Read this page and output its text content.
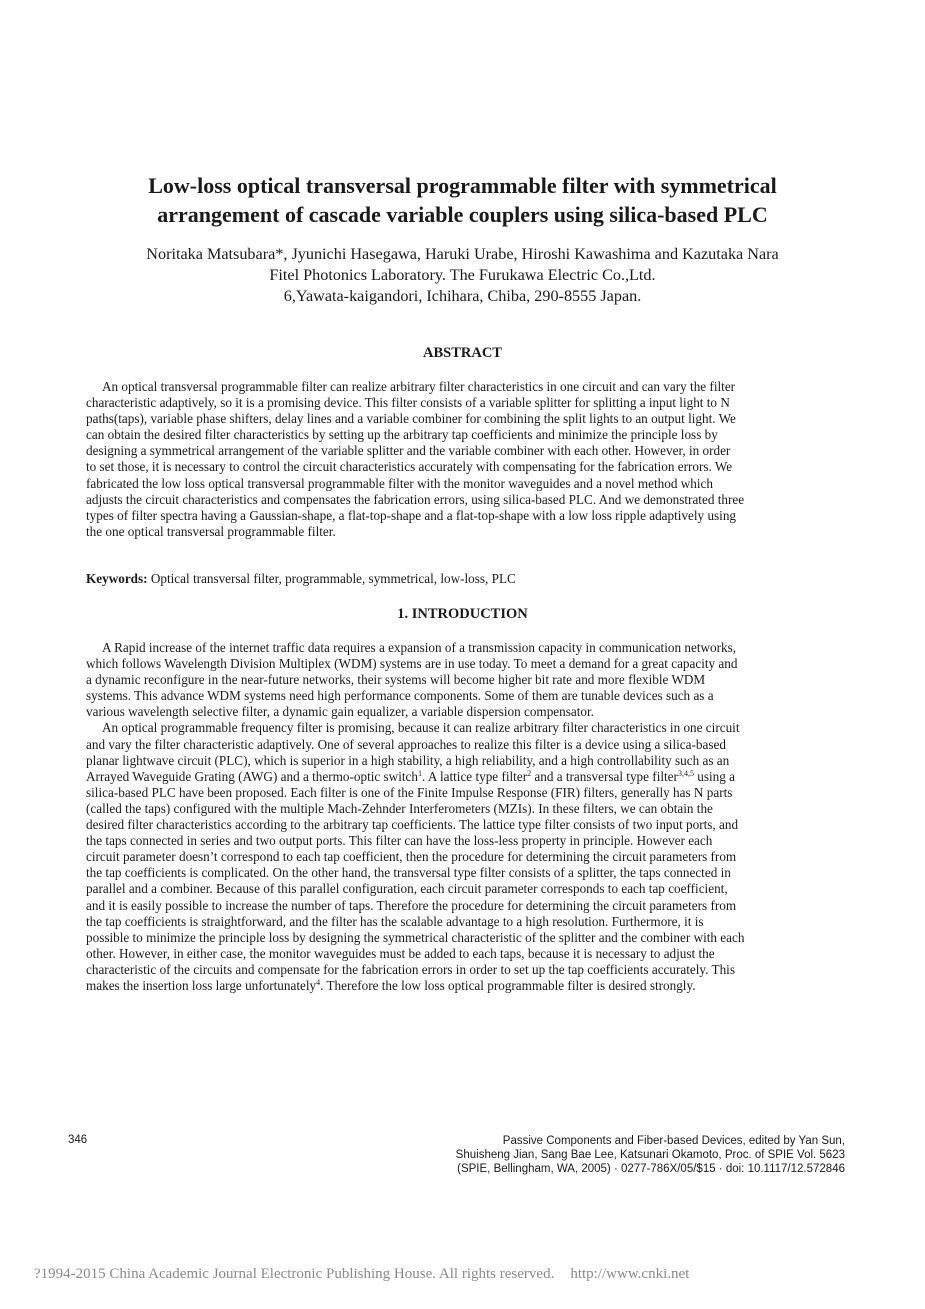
Low-loss optical transversal programmable filter with symmetrical
arrangement of cascade variable couplers using silica-based PLC
Noritaka Matsubara*, Jyunichi Hasegawa, Haruki Urabe, Hiroshi Kawashima and Kazutaka Nara
Fitel Photonics Laboratory. The Furukawa Electric Co.,Ltd.
6,Yawata-kaigandori, Ichihara, Chiba, 290-8555 Japan.
ABSTRACT
An optical transversal programmable filter can realize arbitrary filter characteristics in one circuit and can vary the filter
characteristic adaptively, so it is a promising device. This filter consists of a variable splitter for splitting a input light to N
paths(taps), variable phase shifters, delay lines and a variable combiner for combining the split lights to an output light. We
can obtain the desired filter characteristics by setting up the arbitrary tap coefficients and minimize the principle loss by
designing a symmetrical arrangement of the variable splitter and the variable combiner with each other. However, in order
to set those, it is necessary to control the circuit characteristics accurately with compensating for the fabrication errors. We
fabricated the low loss optical transversal programmable filter with the monitor waveguides and a novel method which
adjusts the circuit characteristics and compensates the fabrication errors, using silica-based PLC. And we demonstrated three
types of filter spectra having a Gaussian-shape, a flat-top-shape and a flat-top-shape with a low loss ripple adaptively using
the one optical transversal programmable filter.
Keywords: Optical transversal filter, programmable, symmetrical, low-loss, PLC
1. INTRODUCTION
A Rapid increase of the internet traffic data requires a expansion of a transmission capacity in communication networks,
which follows Wavelength Division Multiplex (WDM) systems are in use today. To meet a demand for a great capacity and
a dynamic reconfigure in the near-future networks, their systems will become higher bit rate and more flexible WDM
systems. This advance WDM systems need high performance components. Some of them are tunable devices such as a
various wavelength selective filter, a dynamic gain equalizer, a variable dispersion compensator.
An optical programmable frequency filter is promising, because it can realize arbitrary filter characteristics in one circuit
and vary the filter characteristic adaptively. One of several approaches to realize this filter is a device using a silica-based
planar lightwave circuit (PLC), which is superior in a high stability, a high reliability, and a high controllability such as an
Arrayed Waveguide Grating (AWG) and a thermo-optic switch$^1$. A lattice type filter$^2$ and a transversal type filter$^{3,4,5}$ using a
silica-based PLC have been proposed. Each filter is one of the Finite Impulse Response (FIR) filters, generally has N parts
(called the taps) configured with the multiple Mach-Zehnder Interferometers (MZIs). In these filters, we can obtain the
desired filter characteristics according to the arbitrary tap coefficients. The lattice type filter consists of two input ports, and
the taps connected in series and two output ports. This filter can have the loss-less property in principle. However each
circuit parameter doesn’t correspond to each tap coefficient, then the procedure for determining the circuit parameters from
the tap coefficients is complicated. On the other hand, the transversal type filter consists of a splitter, the taps connected in
parallel and a combiner. Because of this parallel configuration, each circuit parameter corresponds to each tap coefficient,
and it is easily possible to increase the number of taps. Therefore the procedure for determining the circuit parameters from
the tap coefficients is straightforward, and the filter has the scalable advantage to a high resolution. Furthermore, it is
possible to minimize the principle loss by designing the symmetrical characteristic of the splitter and the combiner with each
other. However, in either case, the monitor waveguides must be added to each taps, because it is necessary to adjust the
characteristic of the circuits and compensate for the fabrication errors in order to set up the tap coefficients accurately. This
makes the insertion loss large unfortunately$^4$. Therefore the low loss optical programmable filter is desired strongly.
346	Passive Components and Fiber-based Devices, edited by Yan Sun,
Shuisheng Jian, Sang Bae Lee, Katsunari Okamoto, Proc. of SPIE Vol. 5623
(SPIE, Bellingham, WA, 2005) · 0277-786X/05/$15 · doi: 10.1117/12.572846
?1994-2015 China Academic Journal Electronic Publishing House. All rights reserved. http://www.cnki.net
